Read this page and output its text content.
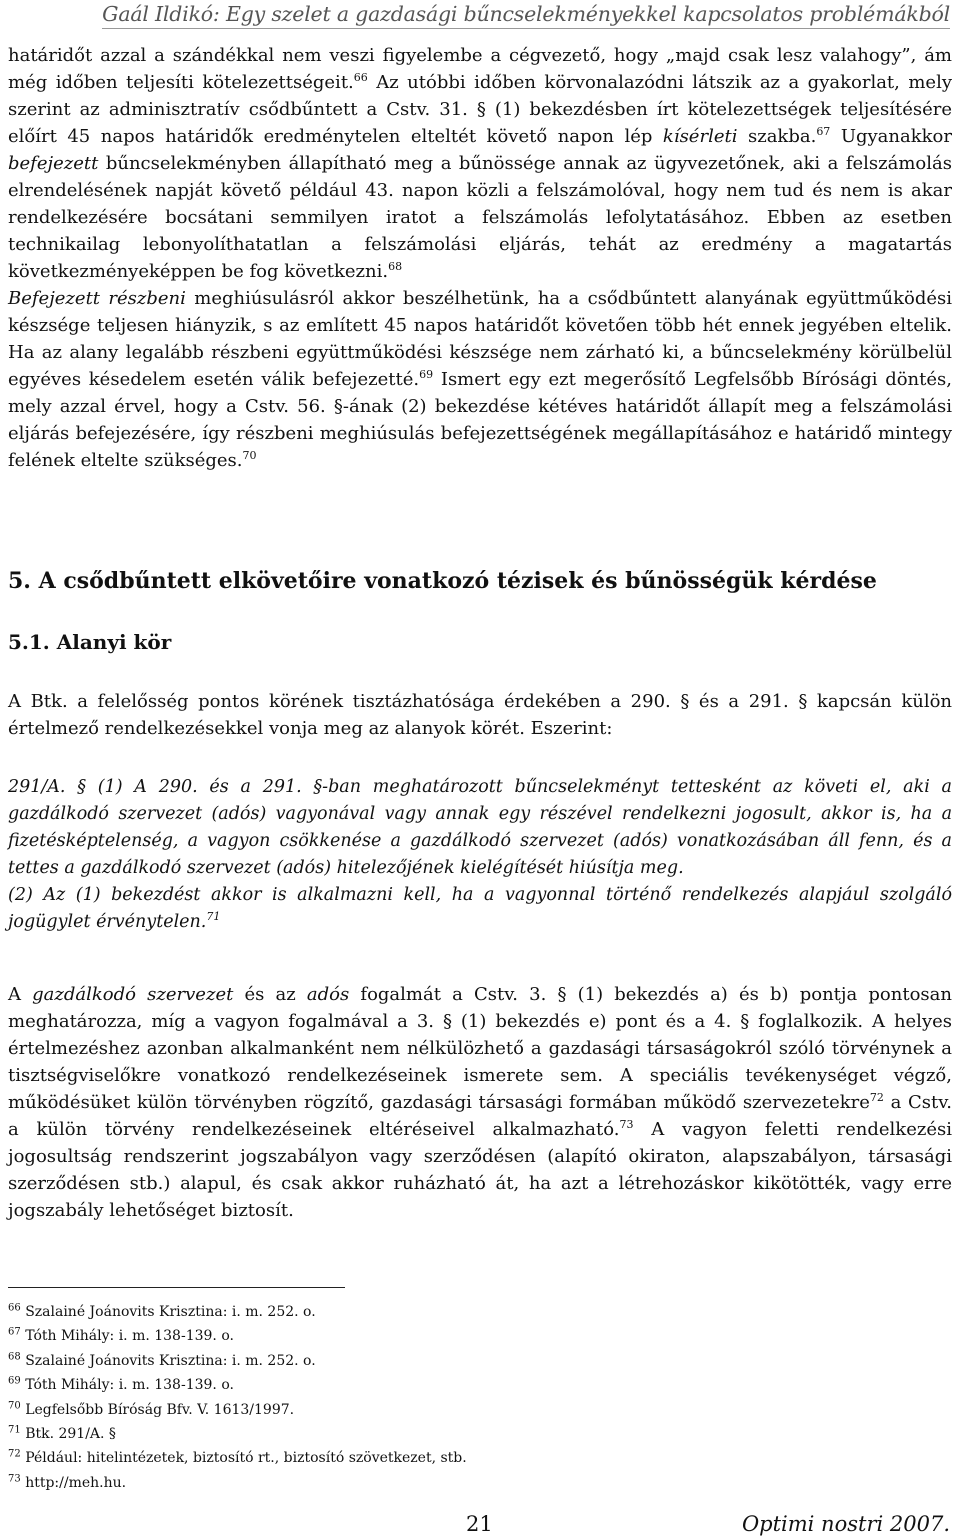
Gaál Ildikó: Egy szelet a gazdasági bűncselekményekkel kapcsolatos problémákból

határidőt azzal a szándékkal nem veszi figyelembe a cégvezető, hogy „majd csak lesz valahogy”, ám még időben teljesíti kötelezettségeit.$^{66}$ Az utóbbi időben körvonalazódni látszik az a gyakorlat, mely szerint az adminisztratív csődbűntett a Cstv. 31. § (1) bekezdésben írt kötelezettségek teljesítésére előírt 45 napos határidők eredménytelen elteltét követő napon lép kísérleti szakba.$^{67}$ Ugyanakkor befejezett bűncselekményben állapítható meg a bűnössége annak az ügyvezetőnek, aki a felszámolás elrendelésének napját követő például 43. napon közli a felszámolóval, hogy nem tud és nem is akar rendelkezésére bocsátani semmilyen iratot a felszámolás lefolytatásához. Ebben az esetben technikailag lebonyolíthatatlan a felszámolási eljárás, tehát az eredmény a magatartás következményeképpen be fog következni.$^{68}$

Befejezett részbeni meghiúsulásról akkor beszélhetünk, ha a csődbűntett alanyának együttműködési készsége teljesen hiányzik, s az említett 45 napos határidőt követően több hét ennek jegyében eltelik. Ha az alany legalább részbeni együttműködési készsége nem zárható ki, a bűncselekmény körülbelül egyéves késedelem esetén válik befejezetté.$^{69}$ Ismert egy ezt megerősítő Legfelsőbb Bírósági döntés, mely azzal érvel, hogy a Cstv. 56. §-ának (2) bekezdése kétéves határidőt állapít meg a felszámolási eljárás befejezésére, így részbeni meghiúsulás befejezettségének megállapításához e határidő mintegy felének eltelte szükséges.$^{70}$

5. A csődbűntett elkövetőire vonatkozó tézisek és bűnösségük kérdése
5.1. Alanyi kör

A Btk. a felelősség pontos körének tisztázhatósága érdekében a 290. § és a 291. § kapcsán külön értelmező rendelkezésekkel vonja meg az alanyok körét. Eszerint:

291/A. § (1) A 290. és a 291. §-ban meghatározott bűncselekményt tettesként az követi el, aki a gazdálkodó szervezet (adós) vagyonával vagy annak egy részével rendelkezni jogosult, akkor is, ha a fizetésképtelenség, a vagyon csökkenése a gazdálkodó szervezet (adós) vonatkozásában áll fenn, és a tettes a gazdálkodó szervezet (adós) hitelezőjének kielégítését hiúsítja meg.

(2) Az (1) bekezdést akkor is alkalmazni kell, ha a vagyonnal történő rendelkezés alapjául szolgáló jogügylet érvénytelen.$^{71}$

A gazdálkodó szervezet és az adós fogalmát a Cstv. 3. § (1) bekezdés a) és b) pontja pontosan meghatározza, míg a vagyon fogalmával a 3. § (1) bekezdés e) pont és a 4. § foglalkozik. A helyes értelmezéshez azonban alkalmanként nem nélkülözhető a gazdasági társaságokról szóló törvénynek a tisztségviselőkre vonatkozó rendelkezéseinek ismerete sem. A speciális tevékenységet végző, működésüket külön törvényben rögzítő, gazdasági társasági formában működő szervezetekre$^{72}$ a Cstv. a külön törvény rendelkezéseinek eltéréseivel alkalmazható.$^{73}$ A vagyon feletti rendelkezési jogosultság rendszerint jogszabályon vagy szerződésen (alapító okiraton, alapszabályon, társasági szerződésen stb.) alapul, és csak akkor ruházható át, ha azt a létrehozáskor kikötötték, vagy erre jogszabály lehetőséget biztosít.

$^{66}$ Szalainé Joánovits Krisztina: i. m. 252. o.

$^{67}$ Tóth Mihály: i. m. 138-139. o.

$^{68}$ Szalainé Joánovits Krisztina: i. m. 252. o.

$^{69}$ Tóth Mihály: i. m. 138-139. o.

$^{70}$ Legfelsőbb Bíróság Bfv. V. 1613/1997.

$^{71}$ Btk. 291/A. §

$^{72}$ Például: hitelintézetek, biztosító rt., biztosító szövetkezet, stb.

$^{73}$ http://meh.hu.

21	Optimi nostri 2007.
